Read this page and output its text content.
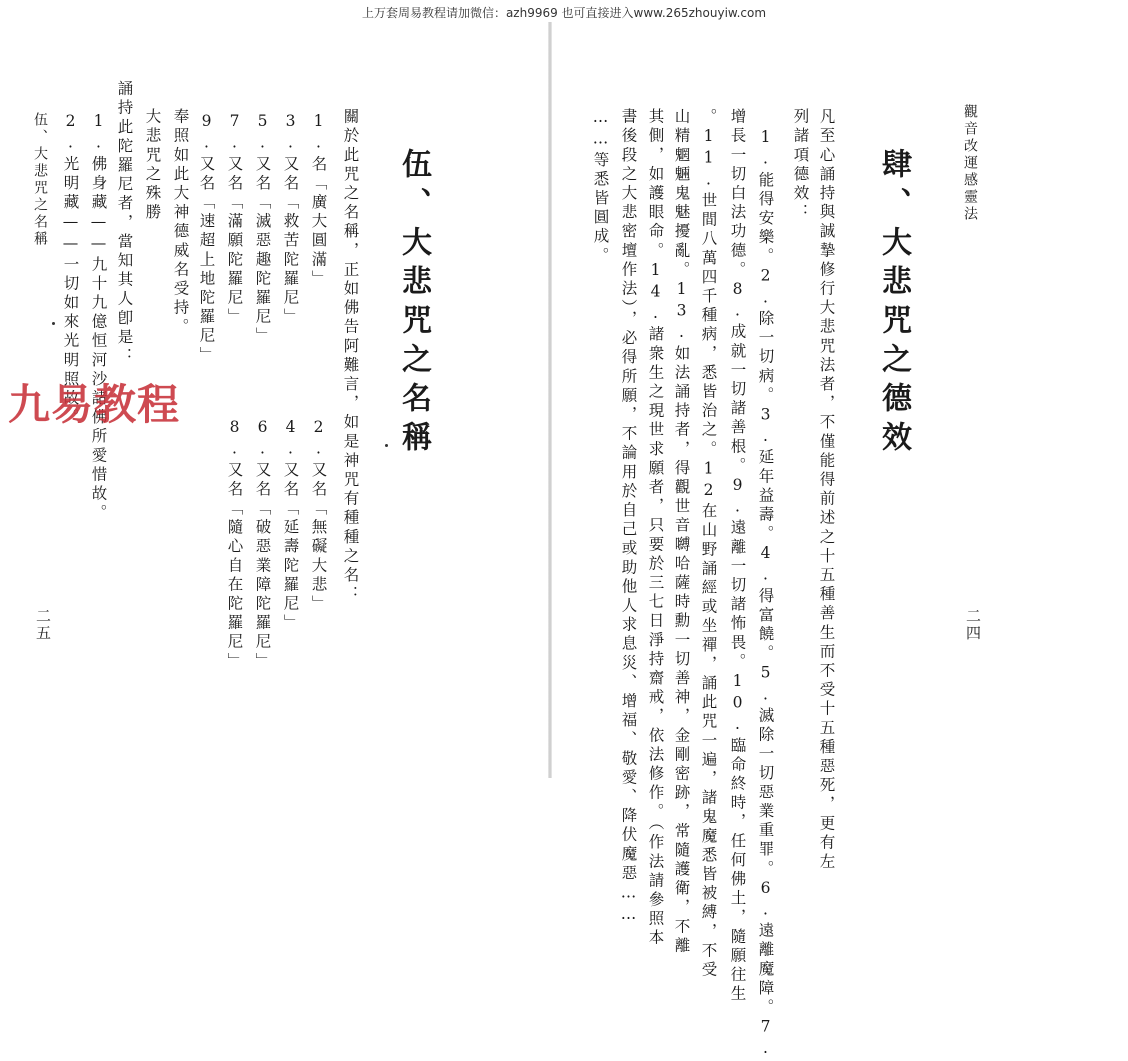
上万套周易教程请加微信：azh9969 也可直接进入www.265zhouyiw.com
觀音改運感靈法
肆、大悲咒之德效
二四
凡至心誦持與誠摯修行大悲咒法者，不僅能得前述之十五種善生而不受十五種惡死，更有左
列諸項德效：
1.能得安樂。2.除一切病。3.延年益壽。4.得富饒。5.滅除一切惡業重罪。6.遠離魔障。7.
增長一切白法功德。8.成就一切諸善根。9.遠離一切諸怖畏。10.臨命終時，任何佛土，隨願往生
。11.世間八萬四千種病，悉皆治之。12在山野誦經或坐禪，誦此咒一遍，諸鬼魔悉皆被縛，不受
山精魍魎鬼魅擾亂。13.如法誦持者，得觀世音嚩哈薩時勳一切善神，金剛密跡，常隨護衛，不離
其側，如護眼命。14.諸衆生之現世求願者，只要於三七日淨持齋戒，依法修作。（作法請參照本
書後段之大悲密壇作法），必得所願，不論用於自己或助他人求息災、增福、敬愛、降伏魔惡……
……等悉皆圓成。
伍、大悲咒之名稱
伍、大悲咒之名稱
二五
關於此咒之名稱，正如佛告阿難言，如是神咒有種種之名：
1.名「廣大圓滿」
2.又名「無礙大悲」
3.又名「救苦陀羅尼」
4.又名「延壽陀羅尼」
5.又名「滅惡趣陀羅尼」
6.又名「破惡業障陀羅尼」
7.又名「滿願陀羅尼」
8.又名「隨心自在陀羅尼」
9.又名「速超上地陀羅尼」
奉照如此大神德威名受持。
大悲咒之殊勝
誦持此陀羅尼者，當知其人卽是：
1.佛身藏——九十九億恒河沙諸佛所愛惜故。
2.光明藏——一切如來光明照故。
九易教程
